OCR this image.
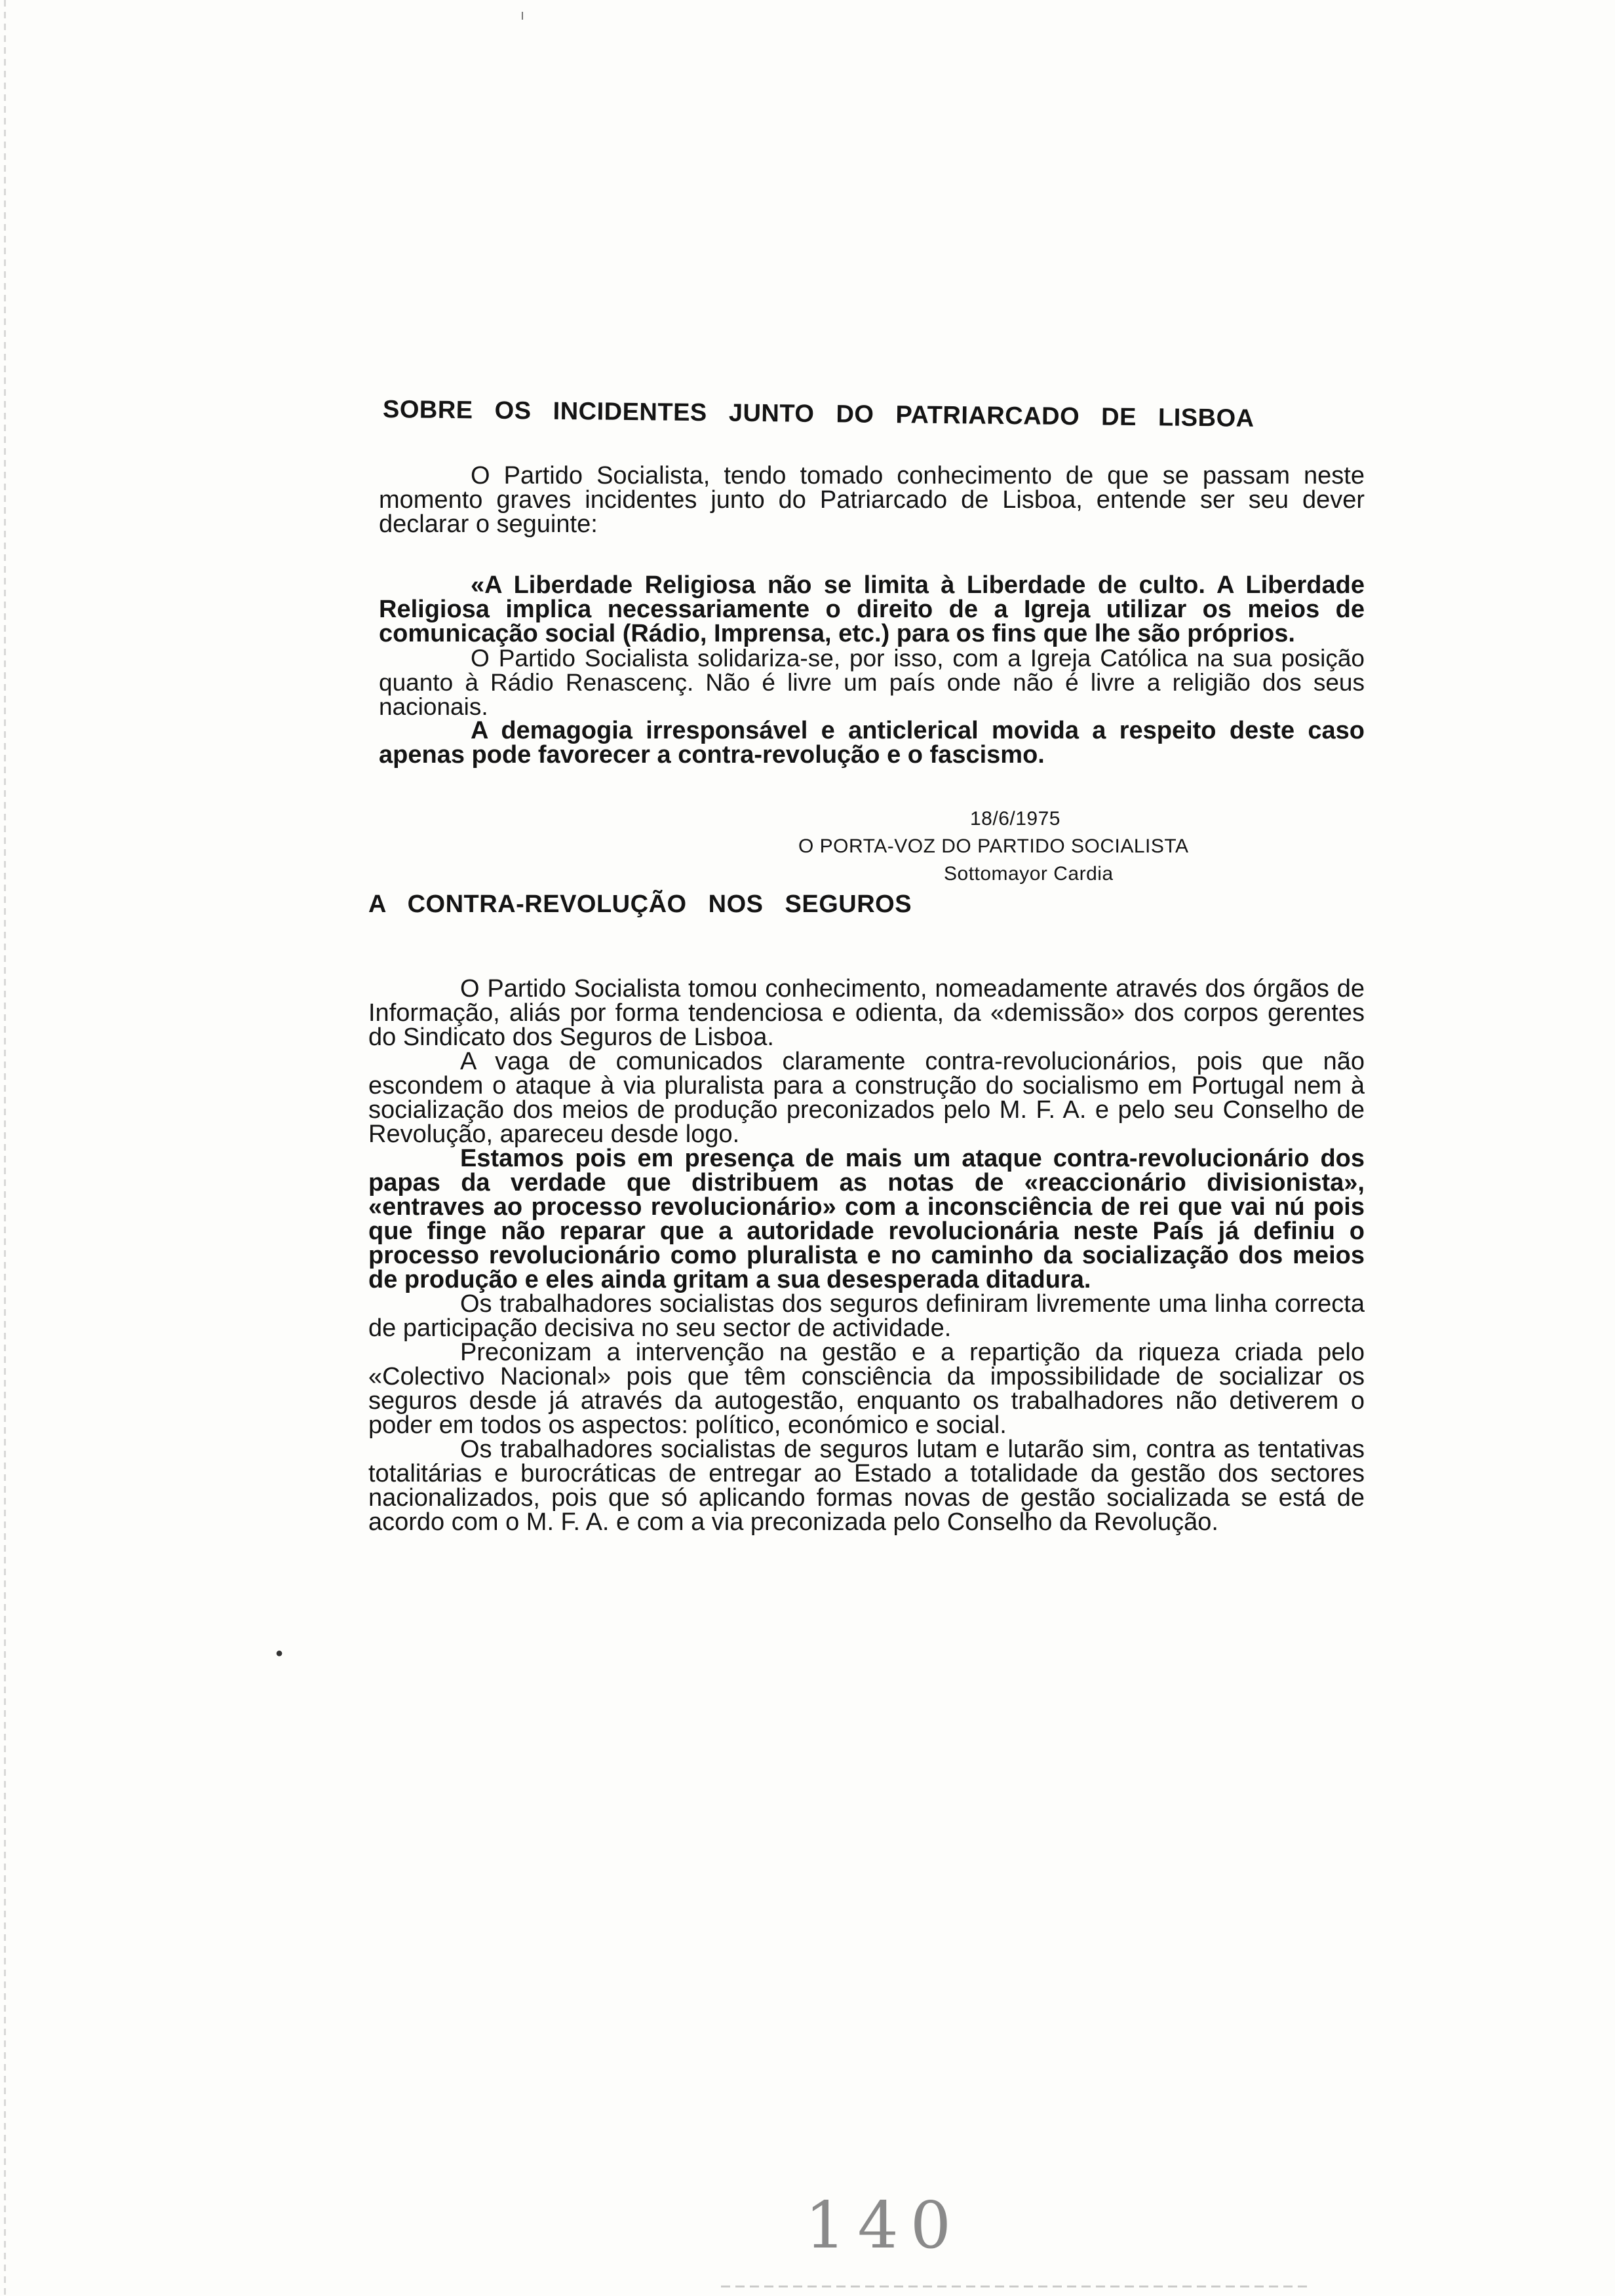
SOBRE OS INCIDENTES JUNTO DO PATRIARCADO DE LISBOA

O Partido Socialista, tendo tomado conhecimento de que se passam neste momento graves incidentes junto do Patriarcado de Lisboa, entende ser seu dever declarar o seguinte:

«A Liberdade Religiosa não se limita à Liberdade de culto. A Liberdade Religiosa implica necessariamente o direito de a Igreja utilizar os meios de comunicação social (Rádio, Imprensa, etc.) para os fins que lhe são próprios.

O Partido Socialista solidariza-se, por isso, com a Igreja Católica na sua posição quanto à Rádio Renascenç. Não é livre um país onde não é livre a religião dos seus nacionais.

A demagogia irresponsável e anticlerical movida a respeito deste caso apenas pode favorecer a contra-revolução e o fascismo.

18/6/1975
O PORTA-VOZ DO PARTIDO SOCIALISTA
Sottomayor Cardia
A CONTRA-REVOLUÇÃO NOS SEGUROS

O Partido Socialista tomou conhecimento, nomeadamente através dos órgãos de Informação, aliás por forma tendenciosa e odienta, da «demissão» dos corpos gerentes do Sindicato dos Seguros de Lisboa.

A vaga de comunicados claramente contra-revolucionários, pois que não escondem o ataque à via pluralista para a construção do socialismo em Portugal nem à socialização dos meios de produção preconizados pelo M. F. A. e pelo seu Conselho de Revolução, apareceu desde logo.

Estamos pois em presença de mais um ataque contra-revolucionário dos papas da verdade que distribuem as notas de «reaccionário divisionista», «entraves ao processo revolucionário» com a inconsciência de rei que vai nú pois que finge não reparar que a autoridade revolucionária neste País já definiu o processo revolucionário como pluralista e no caminho da socialização dos meios de produção e eles ainda gritam a sua desesperada ditadura.

Os trabalhadores socialistas dos seguros definiram livremente uma linha correcta de participação decisiva no seu sector de actividade.

Preconizam a intervenção na gestão e a repartição da riqueza criada pelo «Colectivo Nacional» pois que têm consciência da impossibilidade de socializar os seguros desde já através da autogestão, enquanto os trabalhadores não detiverem o poder em todos os aspectos: político, económico e social.

Os trabalhadores socialistas de seguros lutam e lutarão sim, contra as tentativas totalitárias e burocráticas de entregar ao Estado a totalidade da gestão dos sectores nacionalizados, pois que só aplicando formas novas de gestão socializada se está de acordo com o M. F. A. e com a via preconizada pelo Conselho da Revolução.

●
140
